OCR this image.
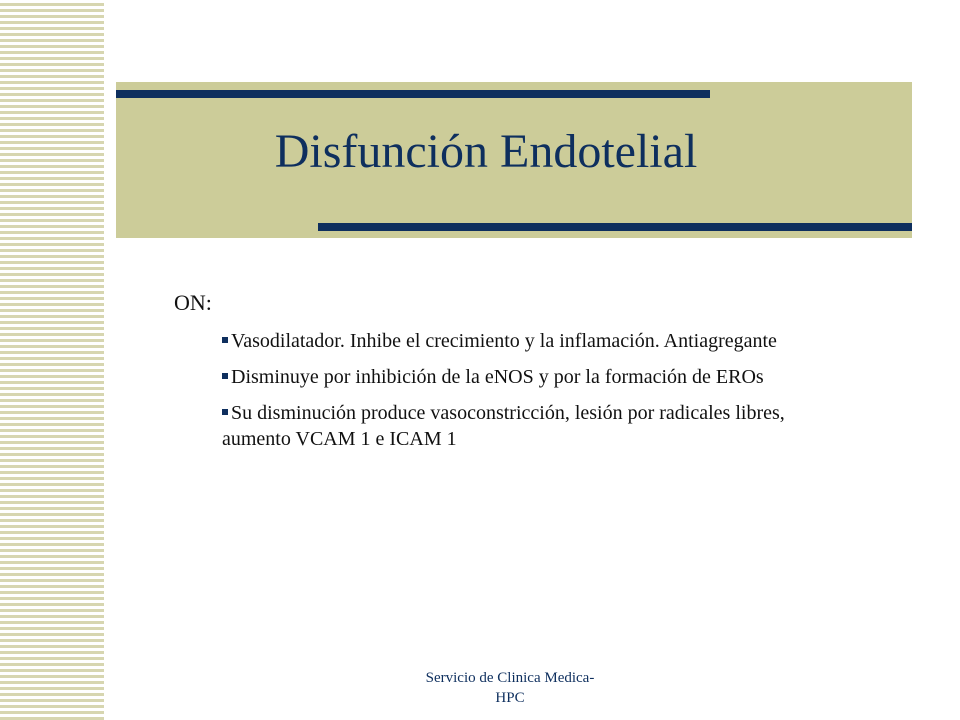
Disfunción Endotelial
ON:
Vasodilatador. Inhibe el crecimiento y la inflamación. Antiagregante
Disminuye por inhibición de la eNOS y por la formación de EROs
Su disminución produce vasoconstricción, lesión por radicales libres, aumento VCAM 1 e ICAM 1
Servicio de Clinica Medica-
HPC
